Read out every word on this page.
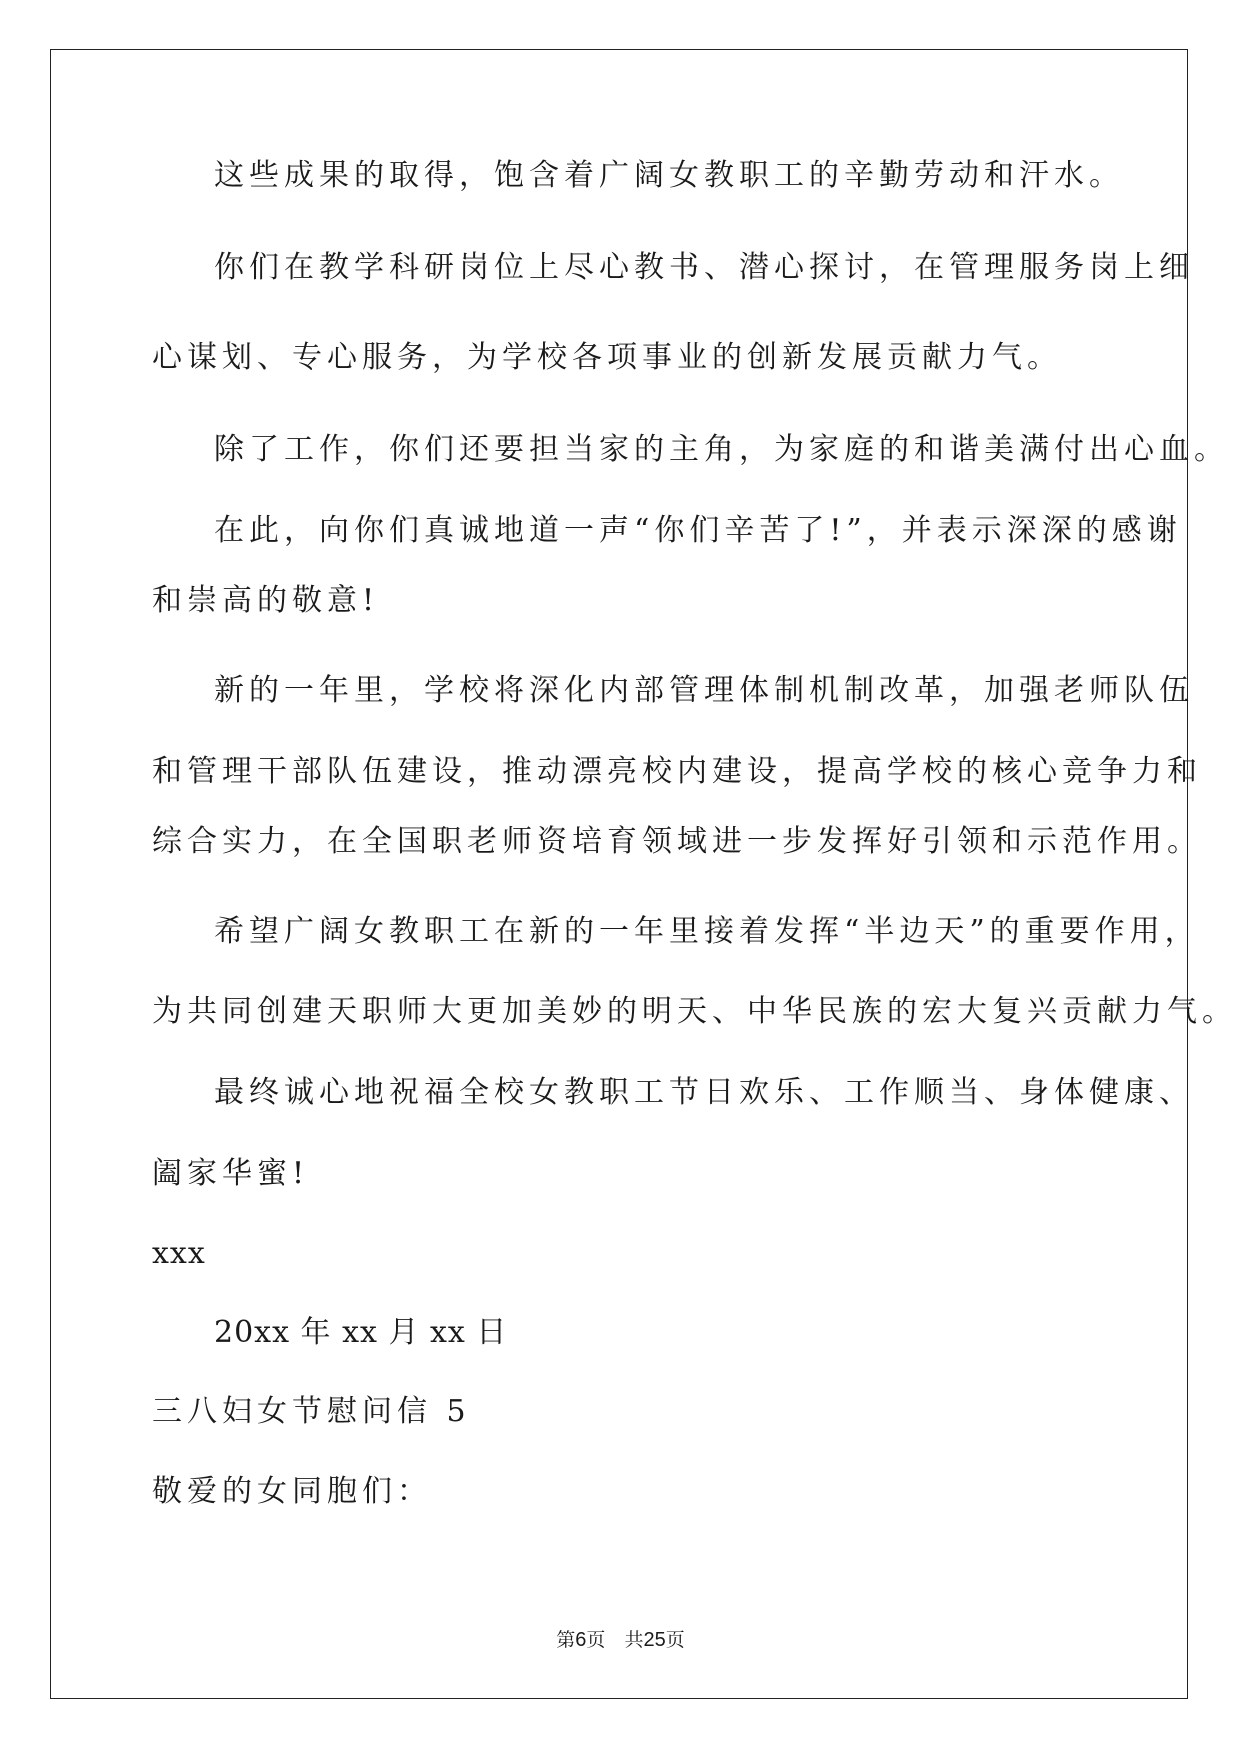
这些成果的取得，饱含着广阔女教职工的辛勤劳动和汗水。
你们在教学科研岗位上尽心教书、潜心探讨，在管理服务岗上细
心谋划、专心服务，为学校各项事业的创新发展贡献力气。
除了工作，你们还要担当家的主角，为家庭的和谐美满付出心血。
在此，向你们真诚地道一声“你们辛苦了!”，并表示深深的感谢
和崇高的敬意!
新的一年里，学校将深化内部管理体制机制改革，加强老师队伍
和管理干部队伍建设，推动漂亮校内建设，提高学校的核心竞争力和
综合实力，在全国职老师资培育领域进一步发挥好引领和示范作用。
希望广阔女教职工在新的一年里接着发挥“半边天”的重要作用，
为共同创建天职师大更加美妙的明天、中华民族的宏大复兴贡献力气。
最终诚心地祝福全校女教职工节日欢乐、工作顺当、身体健康、
阖家华蜜!
xxx
20xx 年 xx 月 xx 日
三八妇女节慰问信 5
敬爱的女同胞们：
第6页　 共25页
